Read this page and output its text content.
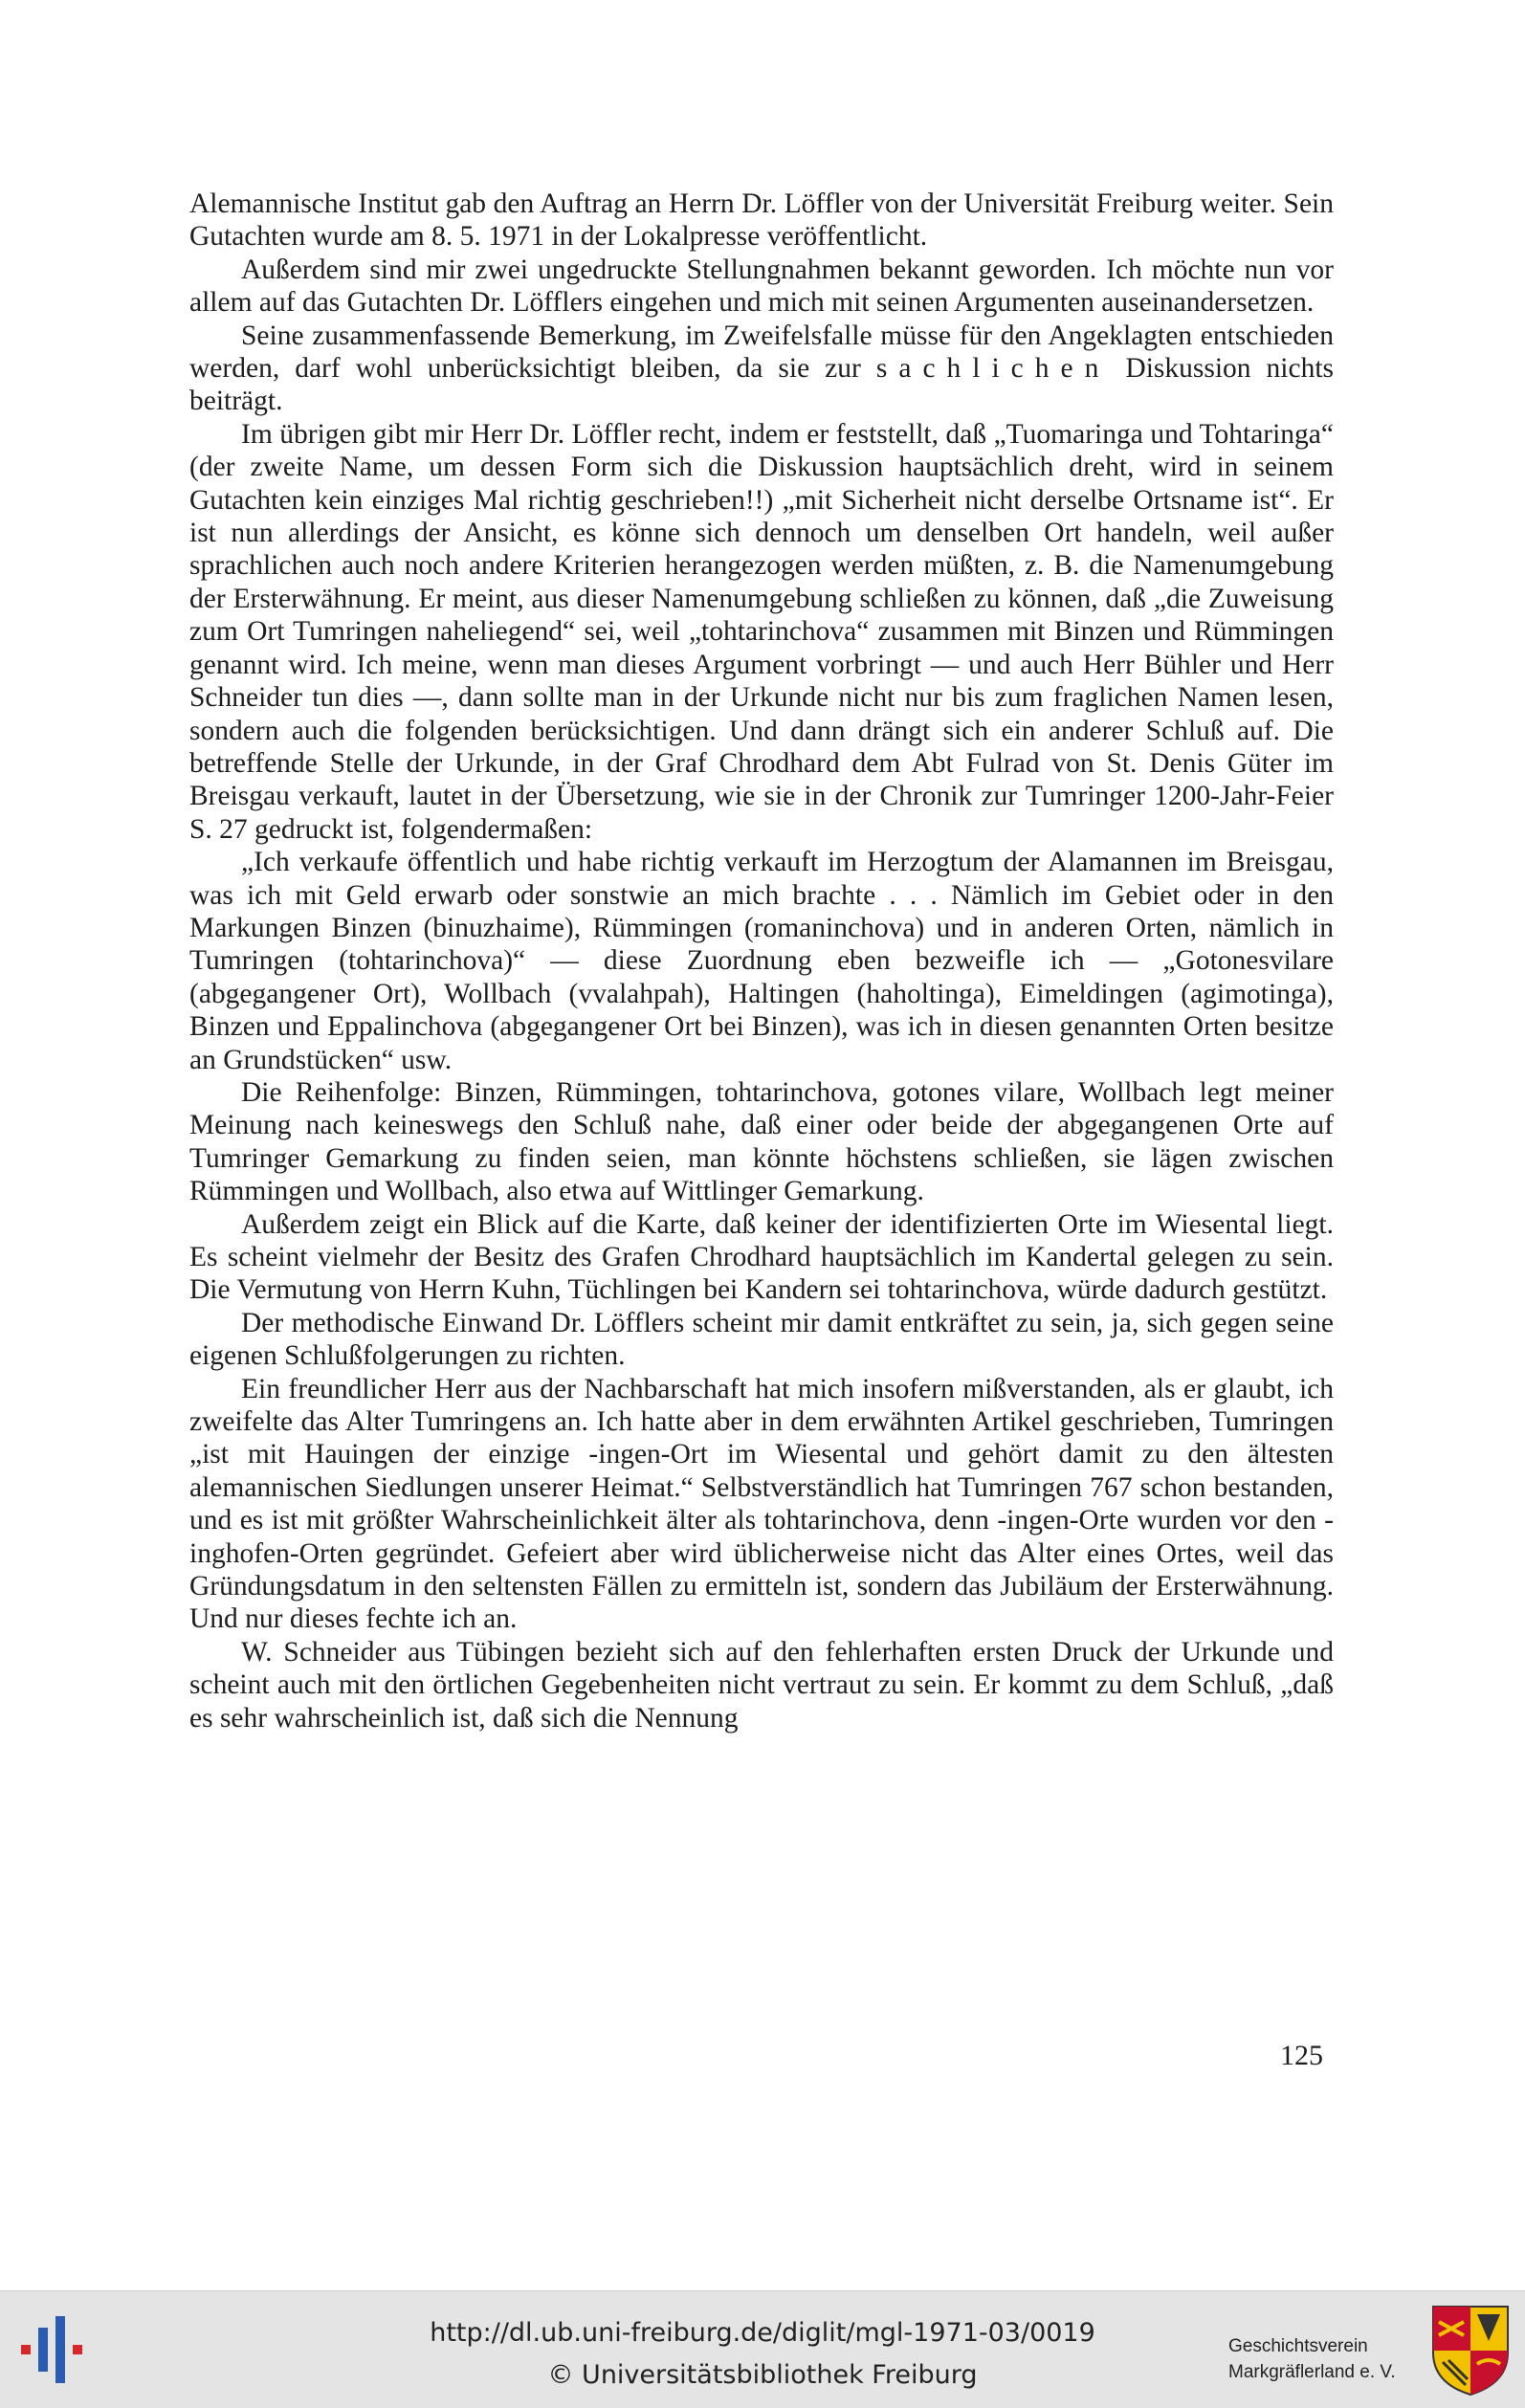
Alemannische Institut gab den Auftrag an Herrn Dr. Löffler von der Universität Freiburg weiter. Sein Gutachten wurde am 8. 5. 1971 in der Lokalpresse veröffentlicht.

Außerdem sind mir zwei ungedruckte Stellungnahmen bekannt geworden. Ich möchte nun vor allem auf das Gutachten Dr. Löfflers eingehen und mich mit seinen Argumenten auseinandersetzen.

Seine zusammenfassende Bemerkung, im Zweifelsfalle müsse für den Angeklagten entschieden werden, darf wohl unberücksichtigt bleiben, da sie zur sachlichen Diskussion nichts beiträgt.

Im übrigen gibt mir Herr Dr. Löffler recht, indem er feststellt, daß „Tuomaringa und Tohtaringa“ (der zweite Name, um dessen Form sich die Diskussion hauptsächlich dreht, wird in seinem Gutachten kein einziges Mal richtig geschrieben!!) „mit Sicherheit nicht derselbe Ortsname ist“. Er ist nun allerdings der Ansicht, es könne sich dennoch um denselben Ort handeln, weil außer sprachlichen auch noch andere Kriterien herangezogen werden müßten, z. B. die Namenumgebung der Ersterwähnung. Er meint, aus dieser Namenumgebung schließen zu können, daß „die Zuweisung zum Ort Tumringen naheliegend“ sei, weil „tohtarinchova“ zusammen mit Binzen und Rümmingen genannt wird. Ich meine, wenn man dieses Argument vorbringt — und auch Herr Bühler und Herr Schneider tun dies —, dann sollte man in der Urkunde nicht nur bis zum fraglichen Namen lesen, sondern auch die folgenden berücksichtigen. Und dann drängt sich ein anderer Schluß auf. Die betreffende Stelle der Urkunde, in der Graf Chrodhard dem Abt Fulrad von St. Denis Güter im Breisgau verkauft, lautet in der Übersetzung, wie sie in der Chronik zur Tumringer 1200-Jahr-Feier S. 27 gedruckt ist, folgendermaßen:

„Ich verkaufe öffentlich und habe richtig verkauft im Herzogtum der Alamannen im Breisgau, was ich mit Geld erwarb oder sonstwie an mich brachte . . . Nämlich im Gebiet oder in den Markungen Binzen (binuzhaime), Rümmingen (romaninchova) und in anderen Orten, nämlich in Tumringen (tohtarinchova)“ — diese Zuordnung eben bezweifle ich — „Gotonesvilare (abgegangener Ort), Wollbach (vvalahpah), Haltingen (haholtinga), Eimeldingen (agimotinga), Binzen und Eppalinchova (abgegangener Ort bei Binzen), was ich in diesen genannten Orten besitze an Grundstücken“ usw.

Die Reihenfolge: Binzen, Rümmingen, tohtarinchova, gotones vilare, Wollbach legt meiner Meinung nach keineswegs den Schluß nahe, daß einer oder beide der abgegangenen Orte auf Tumringer Gemarkung zu finden seien, man könnte höchstens schließen, sie lägen zwischen Rümmingen und Wollbach, also etwa auf Wittlinger Gemarkung.

Außerdem zeigt ein Blick auf die Karte, daß keiner der identifizierten Orte im Wiesental liegt. Es scheint vielmehr der Besitz des Grafen Chrodhard hauptsächlich im Kandertal gelegen zu sein. Die Vermutung von Herrn Kuhn, Tüchlingen bei Kandern sei tohtarinchova, würde dadurch gestützt.

Der methodische Einwand Dr. Löfflers scheint mir damit entkräftet zu sein, ja, sich gegen seine eigenen Schlußfolgerungen zu richten.

Ein freundlicher Herr aus der Nachbarschaft hat mich insofern mißverstanden, als er glaubt, ich zweifelte das Alter Tumringens an. Ich hatte aber in dem erwähnten Artikel geschrieben, Tumringen „ist mit Hauingen der einzige -ingen-Ort im Wiesental und gehört damit zu den ältesten alemannischen Siedlungen unserer Heimat.“ Selbstverständlich hat Tumringen 767 schon bestanden, und es ist mit größter Wahrscheinlichkeit älter als tohtarinchova, denn -ingen-Orte wurden vor den -inghofen-Orten gegründet. Gefeiert aber wird üblicherweise nicht das Alter eines Ortes, weil das Gründungsdatum in den seltensten Fällen zu ermitteln ist, sondern das Jubiläum der Ersterwähnung. Und nur dieses fechte ich an.

W. Schneider aus Tübingen bezieht sich auf den fehlerhaften ersten Druck der Urkunde und scheint auch mit den örtlichen Gegebenheiten nicht vertraut zu sein. Er kommt zu dem Schluß, „daß es sehr wahrscheinlich ist, daß sich die Nennung

125
http://dl.ub.uni-freiburg.de/diglit/mgl-1971-03/0019
© Universitätsbibliothek Freiburg
Geschichtsverein
Markgräflerland e. V.
